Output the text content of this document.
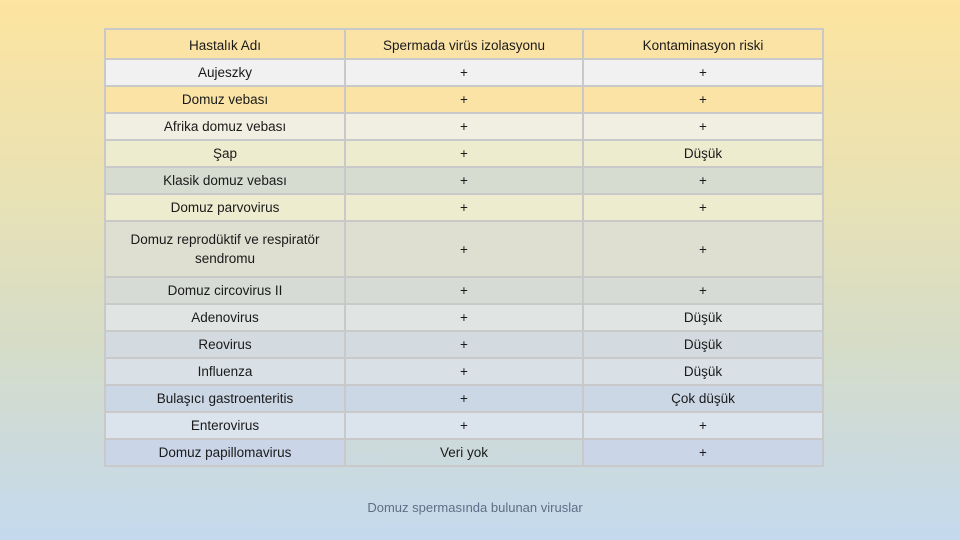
Hastalık Adı	Spermada virüs izolasyonu	Kontaminasyon riski
Aujeszky	+	+
Domuz vebası	+	+
Afrika domuz vebası	+	+
Şap	+	Düşük
Klasik domuz vebası	+	+
Domuz parvovirus	+	+
Domuz reprodüktif ve respiratör sendromu	+	+
Domuz circovirus II	+	+
Adenovirus	+	Düşük
Reovirus	+	Düşük
Influenza	+	Düşük
Bulaşıcı gastroenteritis	+	Çok düşük
Enterovirus	+	+
Domuz papillomavirus	Veri yok	+
Domuz spermasında bulunan viruslar
